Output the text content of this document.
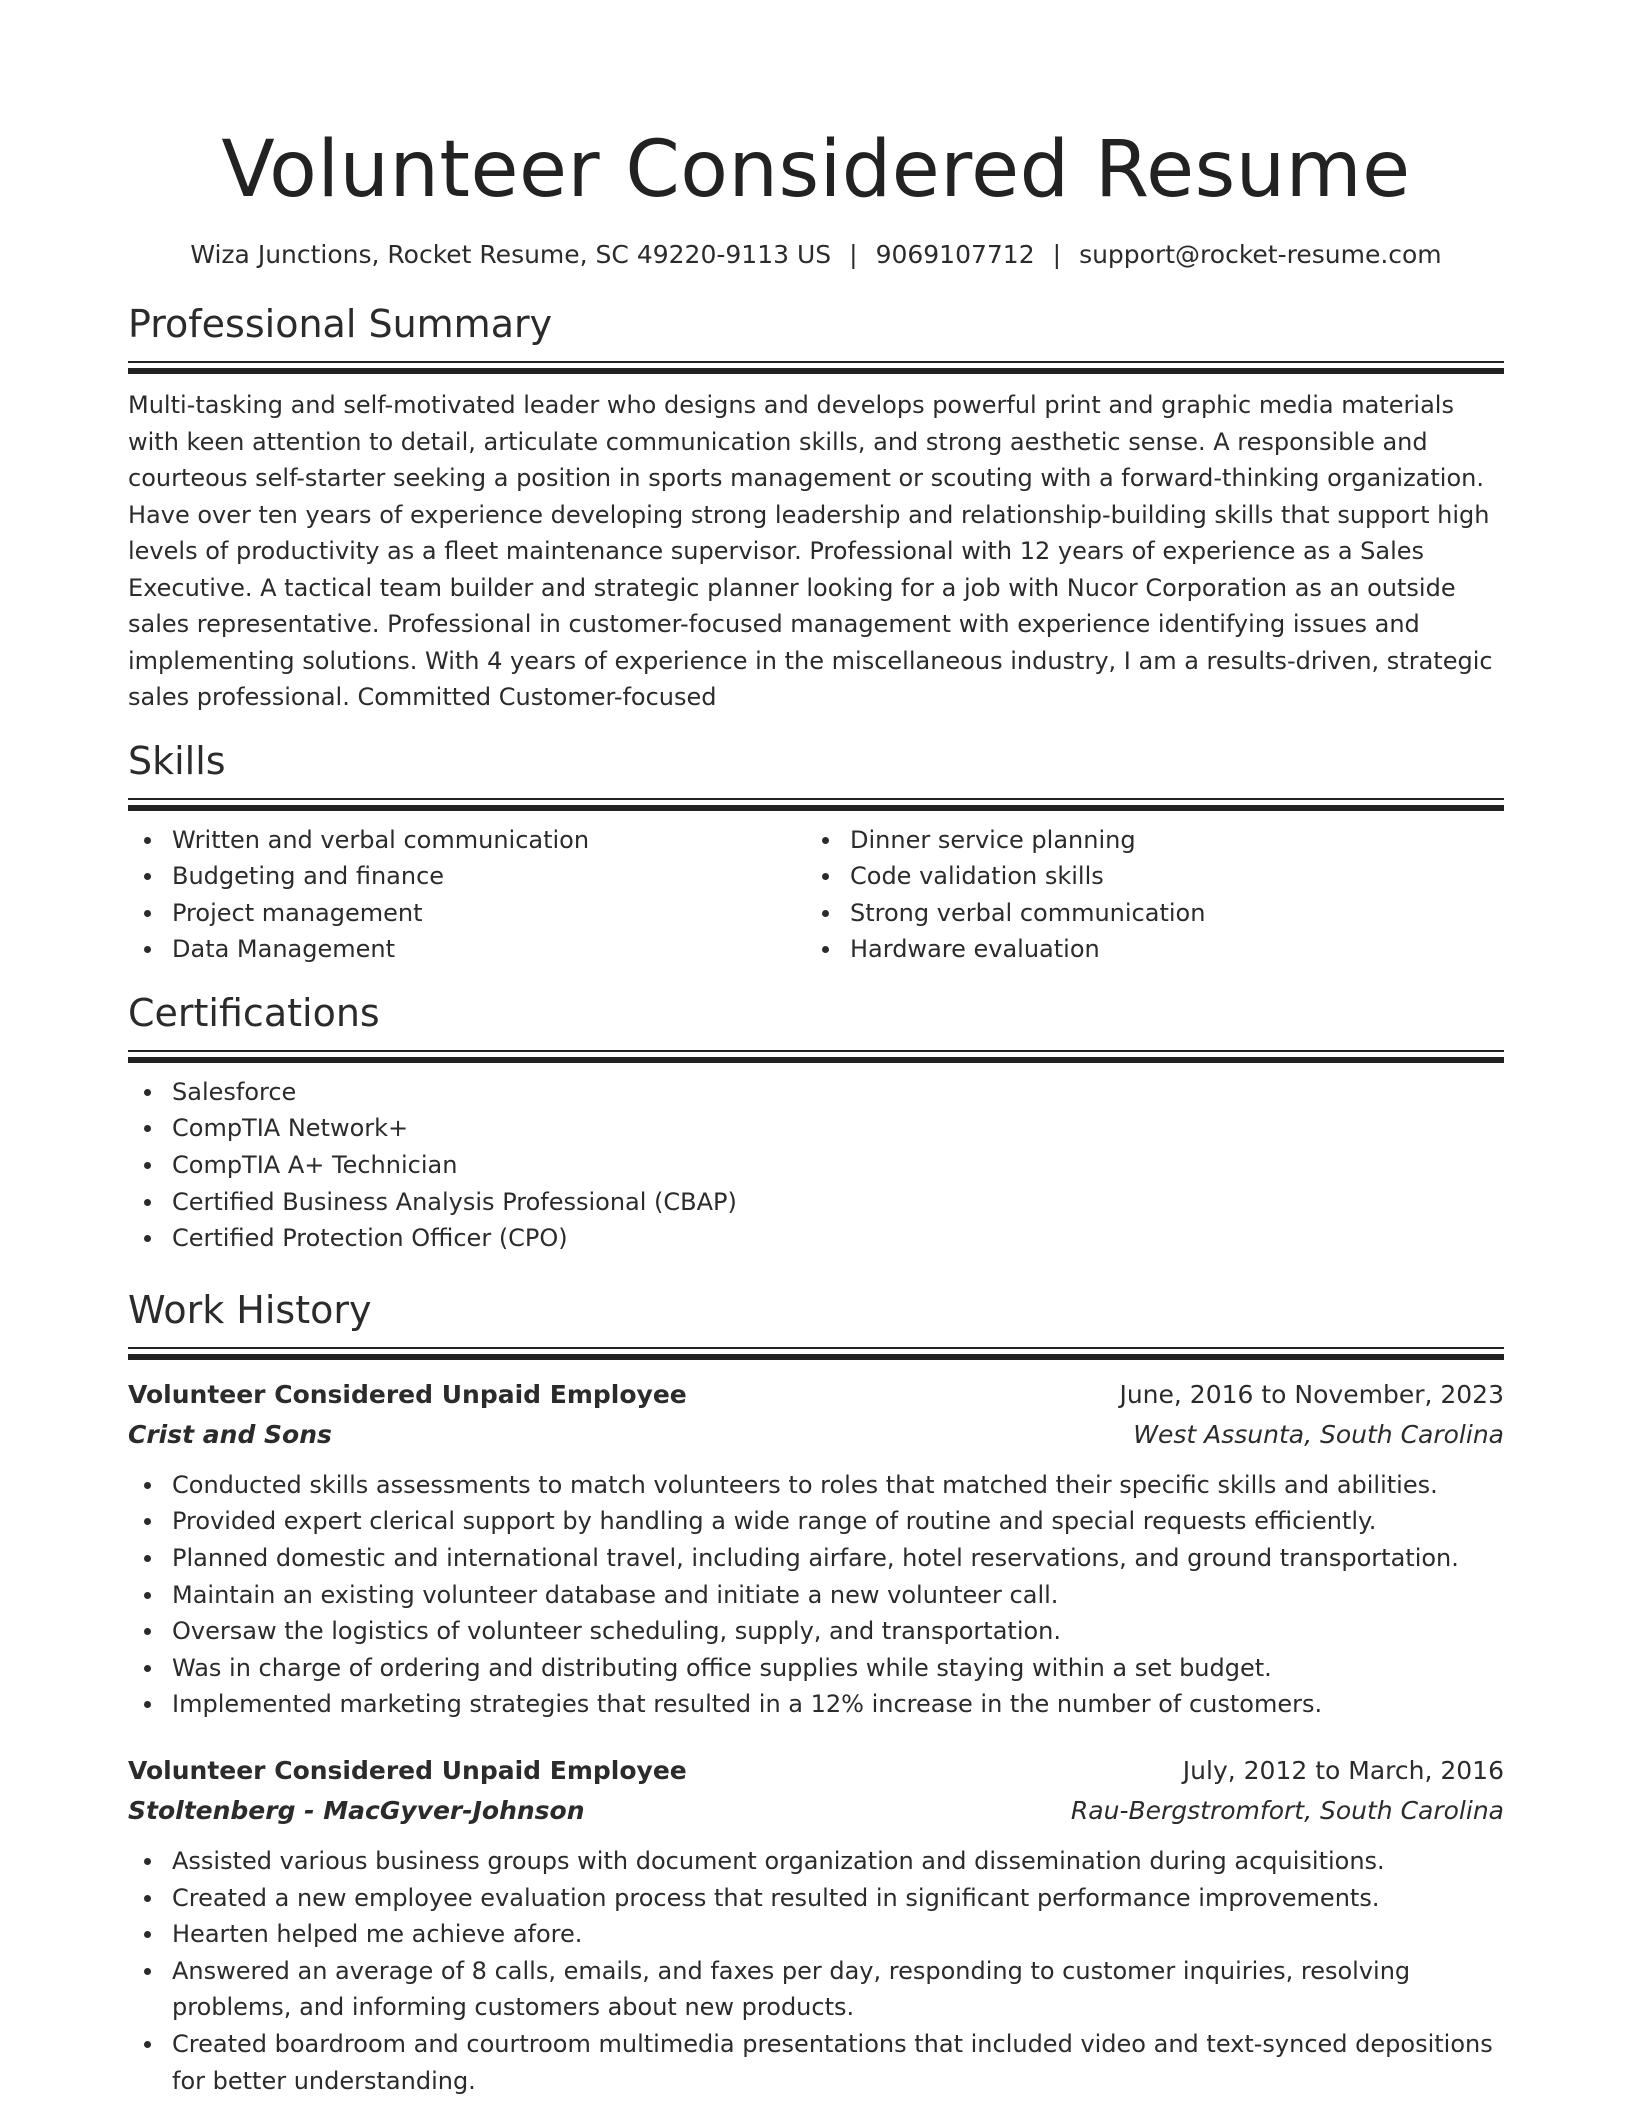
Volunteer Considered Resume
Wiza Junctions, Rocket Resume, SC 49220-9113 US | 9069107712 | support@rocket-resume.com
Professional Summary
Multi-tasking and self-motivated leader who designs and develops powerful print and graphic media materials with keen attention to detail, articulate communication skills, and strong aesthetic sense. A responsible and courteous self-starter seeking a position in sports management or scouting with a forward-thinking organization. Have over ten years of experience developing strong leadership and relationship-building skills that support high levels of productivity as a fleet maintenance supervisor. Professional with 12 years of experience as a Sales Executive. A tactical team builder and strategic planner looking for a job with Nucor Corporation as an outside sales representative. Professional in customer-focused management with experience identifying issues and implementing solutions. With 4 years of experience in the miscellaneous industry, I am a results-driven, strategic sales professional. Committed Customer-focused
Skills
Written and verbal communication
Budgeting and finance
Project management
Data Management
Dinner service planning
Code validation skills
Strong verbal communication
Hardware evaluation
Certifications
Salesforce
CompTIA Network+
CompTIA A+ Technician
Certified Business Analysis Professional (CBAP)
Certified Protection Officer (CPO)
Work History
Volunteer Considered Unpaid Employee	June, 2016 to November, 2023
Crist and Sons	West Assunta, South Carolina
Conducted skills assessments to match volunteers to roles that matched their specific skills and abilities.
Provided expert clerical support by handling a wide range of routine and special requests efficiently.
Planned domestic and international travel, including airfare, hotel reservations, and ground transportation.
Maintain an existing volunteer database and initiate a new volunteer call.
Oversaw the logistics of volunteer scheduling, supply, and transportation.
Was in charge of ordering and distributing office supplies while staying within a set budget.
Implemented marketing strategies that resulted in a 12% increase in the number of customers.
Volunteer Considered Unpaid Employee	July, 2012 to March, 2016
Stoltenberg - MacGyver-Johnson	Rau-Bergstromfort, South Carolina
Assisted various business groups with document organization and dissemination during acquisitions.
Created a new employee evaluation process that resulted in significant performance improvements.
Hearten helped me achieve afore.
Answered an average of 8 calls, emails, and faxes per day, responding to customer inquiries, resolving problems, and informing customers about new products.
Created boardroom and courtroom multimedia presentations that included video and text-synced depositions for better understanding.
